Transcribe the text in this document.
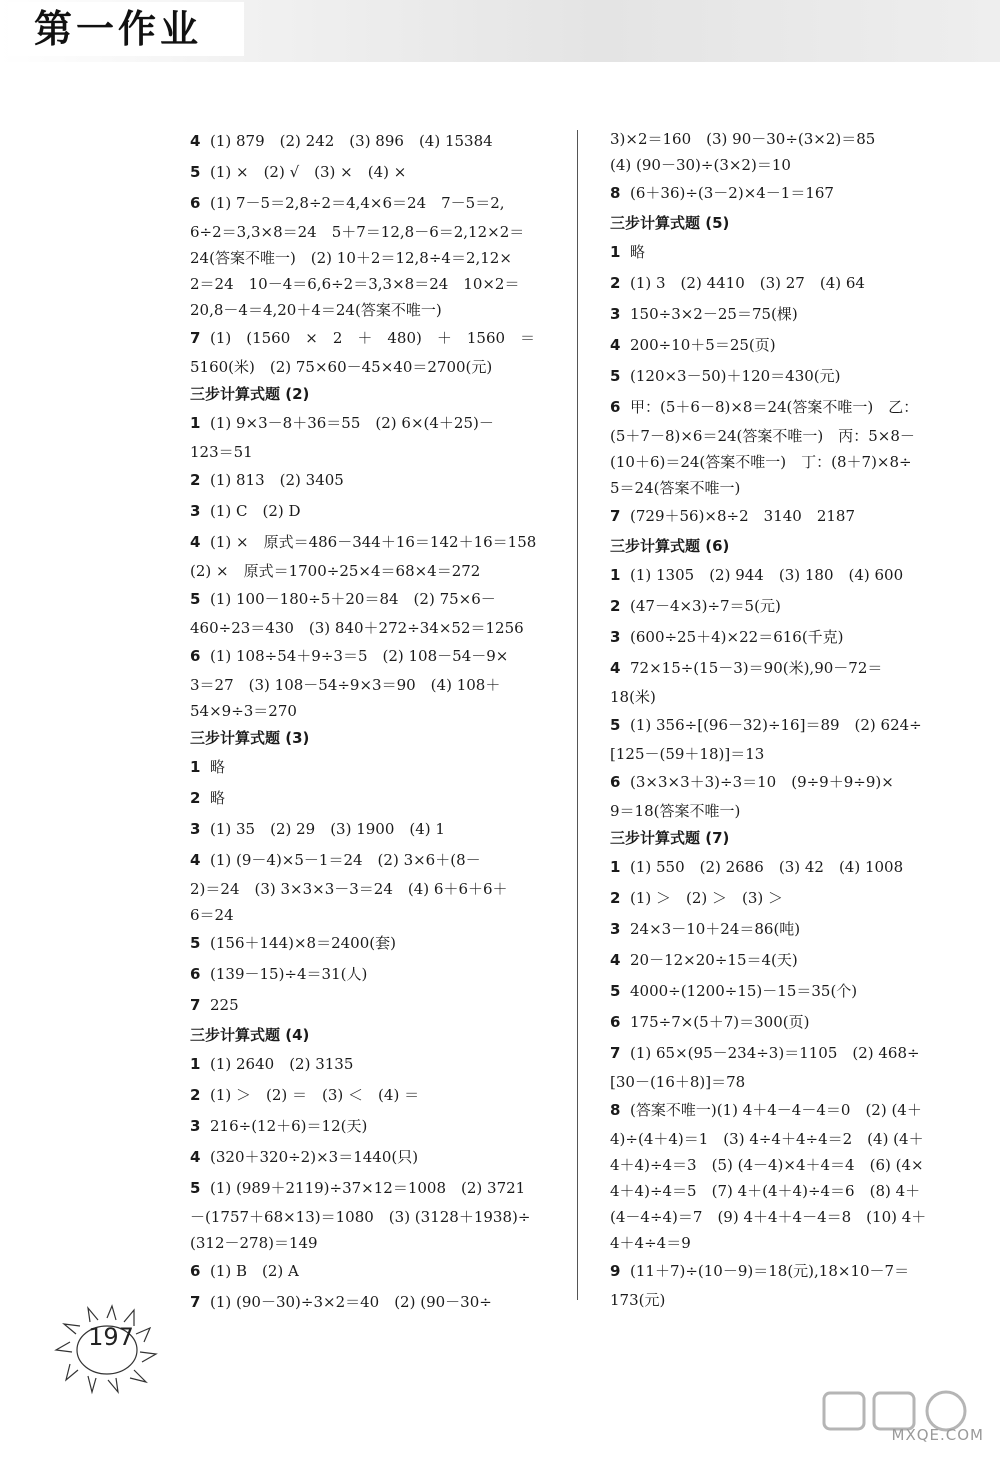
第一作业
4 (1) 879　(2) 242　(3) 896　(4) 15384
5 (1) ×　(2) √　(3) ×　(4) ×
6 (1) 7－5＝2,8÷2＝4,4×6＝24　7－5＝2,
6÷2＝3,3×8＝24　5＋7＝12,8－6＝2,12×2＝
24(答案不唯一)　(2) 10＋2＝12,8÷4＝2,12×
2＝24　10－4＝6,6÷2＝3,3×8＝24　10×2＝
20,8－4＝4,20＋4＝24(答案不唯一)
7 (1)　(1560　×　2　＋　480)　＋　1560　＝
5160(米)　(2) 75×60－45×40＝2700(元)
三步计算式题 (2)
1 (1) 9×3－8＋36＝55　(2) 6×(4＋25)－
123＝51
2 (1) 813　(2) 3405
3 (1) C　(2) D
4 (1) ×　原式＝486－344＋16＝142＋16＝158
(2) ×　原式＝1700÷25×4＝68×4＝272
5 (1) 100－180÷5＋20＝84　(2) 75×6－
460÷23＝430　(3) 840＋272÷34×52＝1256
6 (1) 108÷54＋9÷3＝5　(2) 108－54－9×
3＝27　(3) 108－54÷9×3＝90　(4) 108＋
54×9÷3＝270
三步计算式题 (3)
1 略
2 略
3 (1) 35　(2) 29　(3) 1900　(4) 1
4 (1) (9－4)×5－1＝24　(2) 3×6＋(8－
2)＝24　(3) 3×3×3－3＝24　(4) 6＋6＋6＋
6＝24
5 (156＋144)×8＝2400(套)
6 (139－15)÷4＝31(人)
7 225
三步计算式题 (4)
1 (1) 2640　(2) 3135
2 (1) ＞　(2) ＝　(3) ＜　(4) ＝
3 216÷(12＋6)＝12(天)
4 (320＋320÷2)×3＝1440(只)
5 (1) (989＋2119)÷37×12＝1008　(2) 3721
－(1757＋68×13)＝1080　(3) (3128＋1938)÷
(312－278)＝149
6 (1) B　(2) A
7 (1) (90－30)÷3×2＝40　(2) (90－30÷
3)×2＝160　(3) 90－30÷(3×2)＝85
(4) (90－30)÷(3×2)＝10
8 (6＋36)÷(3－2)×4－1＝167
三步计算式题 (5)
1 略
2 (1) 3　(2) 4410　(3) 27　(4) 64
3 150÷3×2－25＝75(棵)
4 200÷10＋5＝25(页)
5 (120×3－50)＋120＝430(元)
6 甲：(5＋6－8)×8＝24(答案不唯一)　乙：
(5＋7－8)×6＝24(答案不唯一)　丙：5×8－
(10＋6)＝24(答案不唯一)　丁：(8＋7)×8÷
5＝24(答案不唯一)
7 (729＋56)×8÷2　3140　2187
三步计算式题 (6)
1 (1) 1305　(2) 944　(3) 180　(4) 600
2 (47－4×3)÷7＝5(元)
3 (600÷25＋4)×22＝616(千克)
4 72×15÷(15－3)＝90(米),90－72＝
18(米)
5 (1) 356÷[(96－32)÷16]＝89　(2) 624÷
[125－(59＋18)]＝13
6 (3×3×3＋3)÷3＝10　(9÷9＋9÷9)×
9＝18(答案不唯一)
三步计算式题 (7)
1 (1) 550　(2) 2686　(3) 42　(4) 1008
2 (1) ＞　(2) ＞　(3) ＞
3 24×3－10＋24＝86(吨)
4 20－12×20÷15＝4(天)
5 4000÷(1200÷15)－15＝35(个)
6 175÷7×(5＋7)＝300(页)
7 (1) 65×(95－234÷3)＝1105　(2) 468÷
[30－(16＋8)]＝78
8 (答案不唯一)(1) 4＋4－4－4＝0　(2) (4＋
4)÷(4＋4)＝1　(3) 4÷4＋4÷4＝2　(4) (4＋
4＋4)÷4＝3　(5) (4－4)×4＋4＝4　(6) (4×
4＋4)÷4＝5　(7) 4＋(4＋4)÷4＝6　(8) 4＋
(4－4÷4)＝7　(9) 4＋4＋4－4＝8　(10) 4＋
4＋4÷4＝9
9 (11＋7)÷(10－9)＝18(元),18×10－7＝
173(元)
197
MXQE.COM
